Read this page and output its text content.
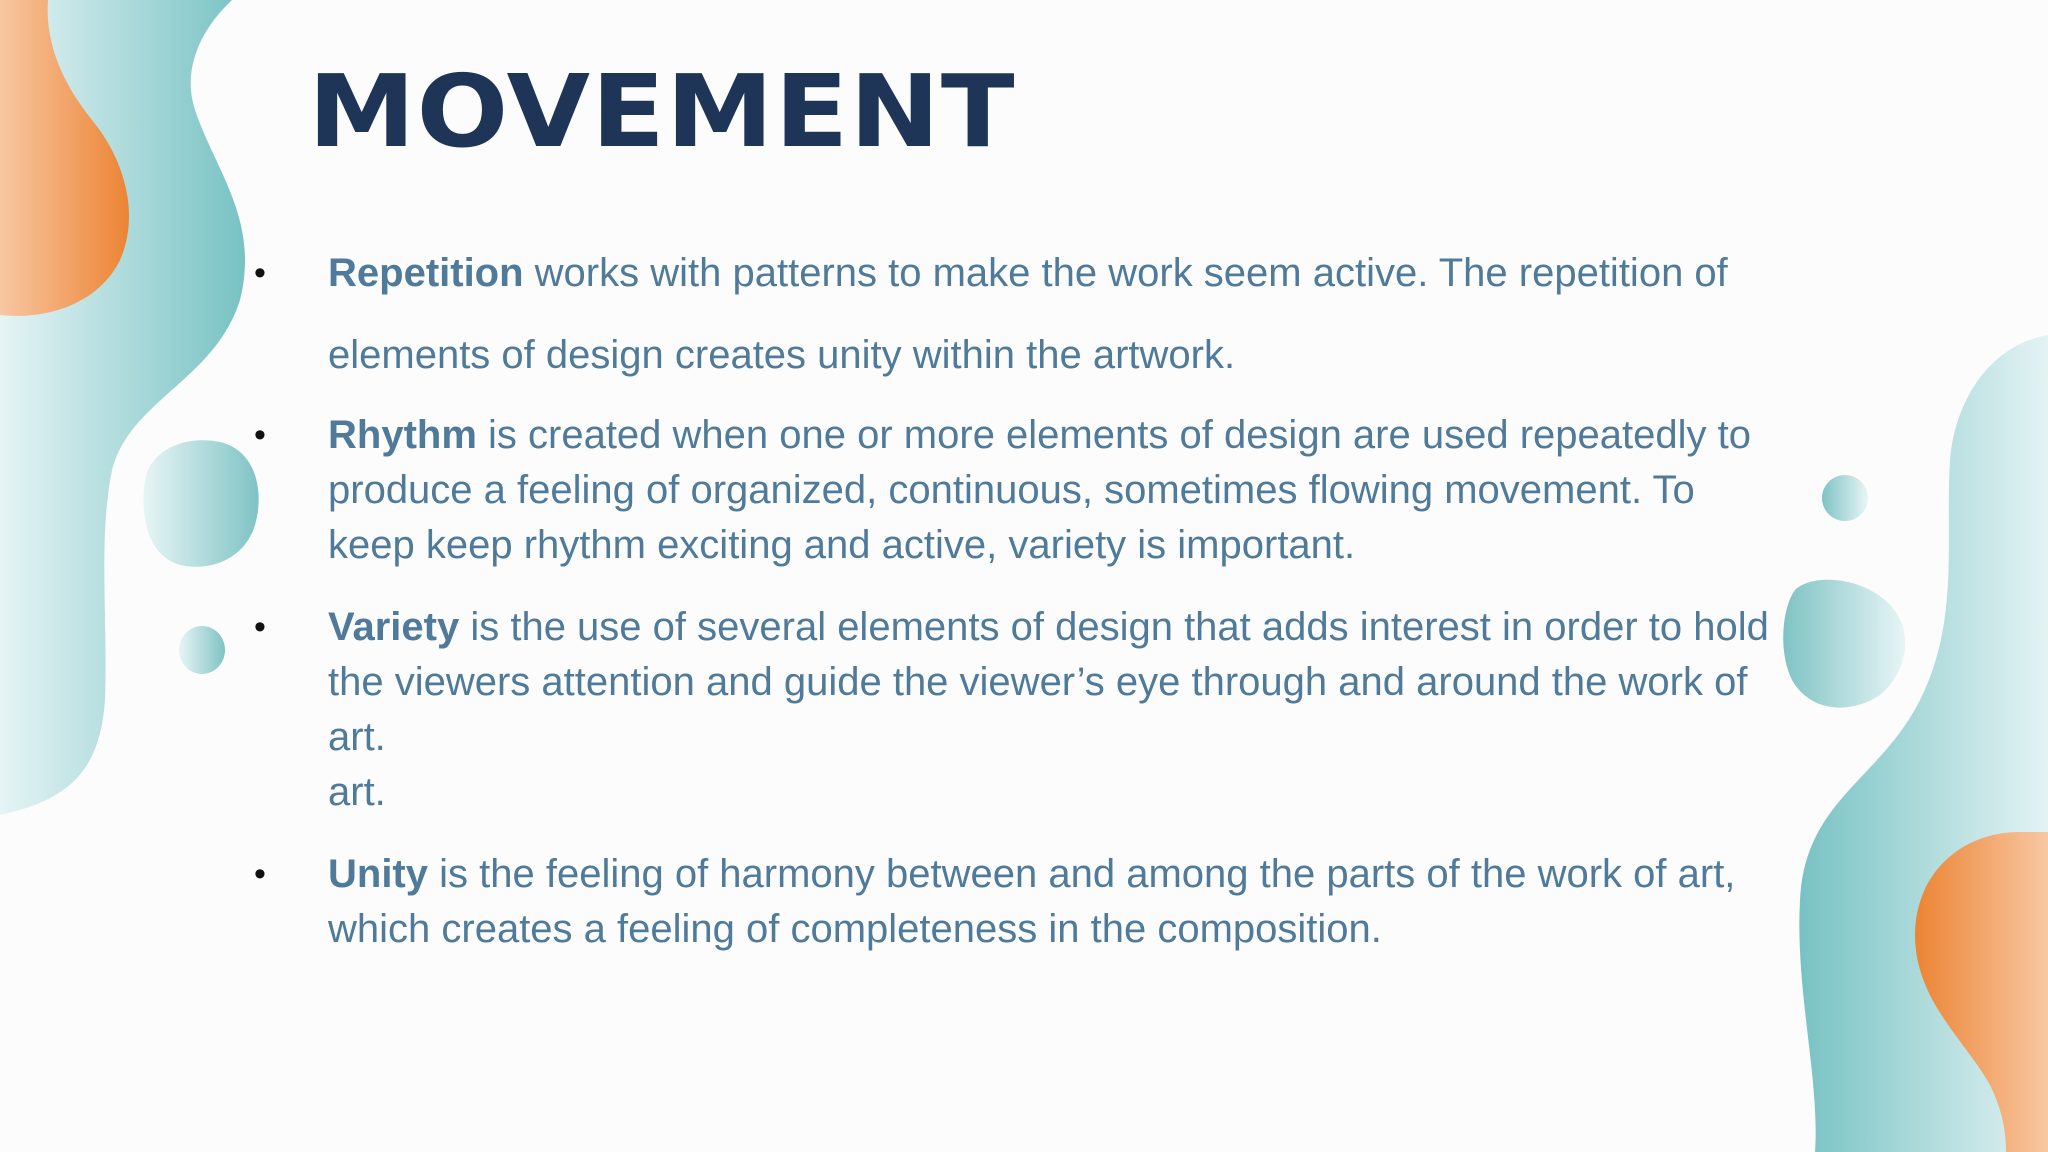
MOVEMENT
• Repetition works with patterns to make the work seem active. The repetition of
elements of design creates unity within the artwork.
• Rhythm is created when one or more elements of design are used repeatedly to produce a feeling of organized, continuous, sometimes flowing movement. To keep keep rhythm exciting and active, variety is important.
• Variety is the use of several elements of design that adds interest in order to hold the viewers attention and guide the viewer’s eye through and around the work of art.
art.
• Unity is the feeling of harmony between and among the parts of the work of art, which creates a feeling of completeness in the composition.
